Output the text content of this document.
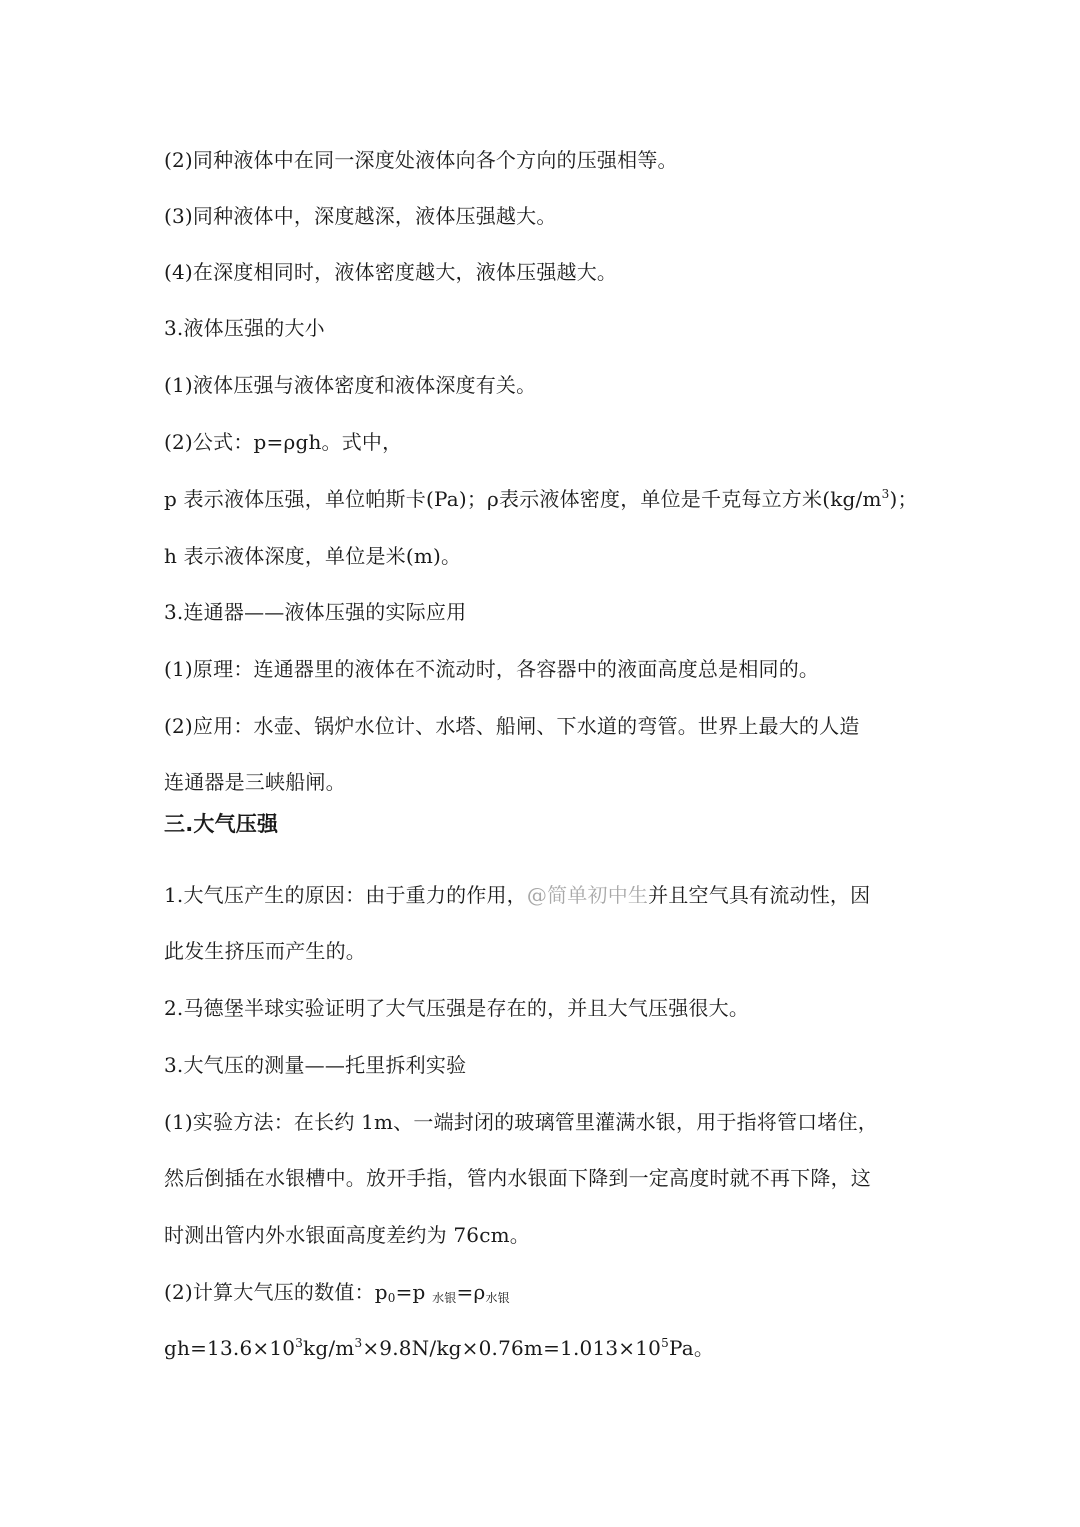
(2)同种液体中在同一深度处液体向各个方向的压强相等。
(3)同种液体中，深度越深，液体压强越大。
(4)在深度相同时，液体密度越大，液体压强越大。
3.液体压强的大小
(1)液体压强与液体密度和液体深度有关。
(2)公式：p=ρgh。式中，
p 表示液体压强，单位帕斯卡(Pa)；ρ表示液体密度，单位是千克每立方米$(kg/m^3)$；
h 表示液体深度，单位是米(m)。
3.连通器——液体压强的实际应用
(1)原理：连通器里的液体在不流动时，各容器中的液面高度总是相同的。
(2)应用：水壶、锅炉水位计、水塔、船闸、下水道的弯管。世界上最大的人造
连通器是三峡船闸。
三.大气压强
1.大气压产生的原因：由于重力的作用，@简单初中生并且空气具有流动性，因
此发生挤压而产生的。
2.马德堡半球实验证明了大气压强是存在的，并且大气压强很大。
3.大气压的测量——托里拆利实验
(1)实验方法：在长约 1m、一端封闭的玻璃管里灌满水银，用于指将管口堵住，
然后倒插在水银槽中。放开手指，管内水银面下降到一定高度时就不再下降，这
时测出管内外水银面高度差约为 76cm。
(2)计算大气压的数值：$p_0=p$ $_{水银}=\rho_{水银}$
$gh=13.6\times 10^3kg/m^3\times 9.8N/kg\times 0.76m=1.013\times 10^5Pa$。
